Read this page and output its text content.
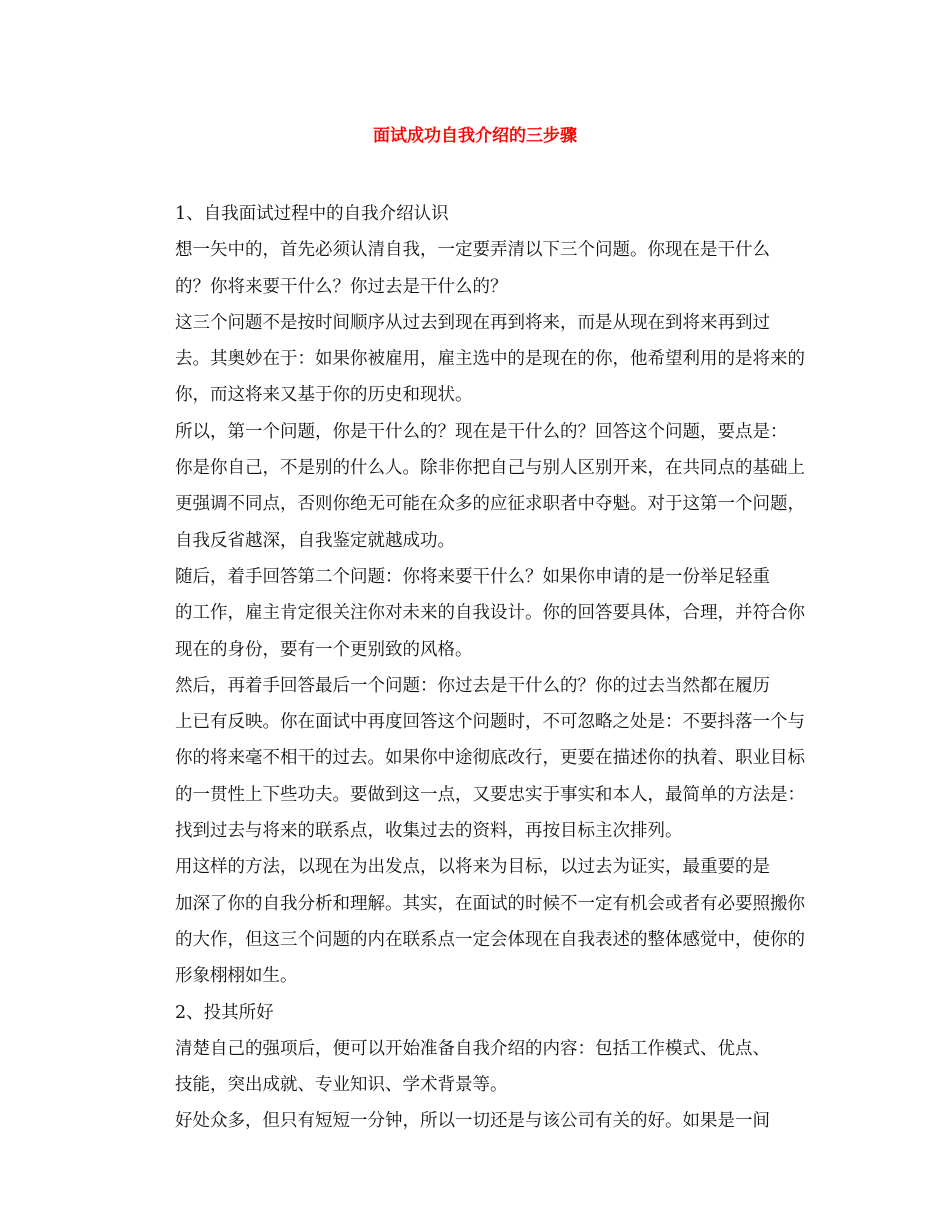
面试成功自我介绍的三步骤

1、自我面试过程中的自我介绍认识

想一矢中的，首先必须认清自我，一定要弄清以下三个问题。你现在是干什么
的？你将来要干什么？你过去是干什么的？

这三个问题不是按时间顺序从过去到现在再到将来，而是从现在到将来再到过
去。其奥妙在于：如果你被雇用，雇主选中的是现在的你，他希望利用的是将来的
你，而这将来又基于你的历史和现状。

所以，第一个问题，你是干什么的？现在是干什么的？回答这个问题，要点是：
你是你自己，不是别的什么人。除非你把自己与别人区别开来，在共同点的基础上
更强调不同点，否则你绝无可能在众多的应征求职者中夺魁。对于这第一个问题，
自我反省越深，自我鉴定就越成功。

随后，着手回答第二个问题：你将来要干什么？如果你申请的是一份举足轻重
的工作，雇主肯定很关注你对未来的自我设计。你的回答要具体，合理，并符合你
现在的身份，要有一个更别致的风格。

然后，再着手回答最后一个问题：你过去是干什么的？你的过去当然都在履历
上已有反映。你在面试中再度回答这个问题时，不可忽略之处是：不要抖落一个与
你的将来毫不相干的过去。如果你中途彻底改行，更要在描述你的执着、职业目标
的一贯性上下些功夫。要做到这一点，又要忠实于事实和本人，最简单的方法是：
找到过去与将来的联系点，收集过去的资料，再按目标主次排列。

用这样的方法，以现在为出发点，以将来为目标，以过去为证实，最重要的是
加深了你的自我分析和理解。其实，在面试的时候不一定有机会或者有必要照搬你
的大作，但这三个问题的内在联系点一定会体现在自我表述的整体感觉中，使你的
形象栩栩如生。

2、投其所好

清楚自己的强项后，便可以开始准备自我介绍的内容：包括工作模式、优点、
技能，突出成就、专业知识、学术背景等。

好处众多，但只有短短一分钟，所以一切还是与该公司有关的好。如果是一间
